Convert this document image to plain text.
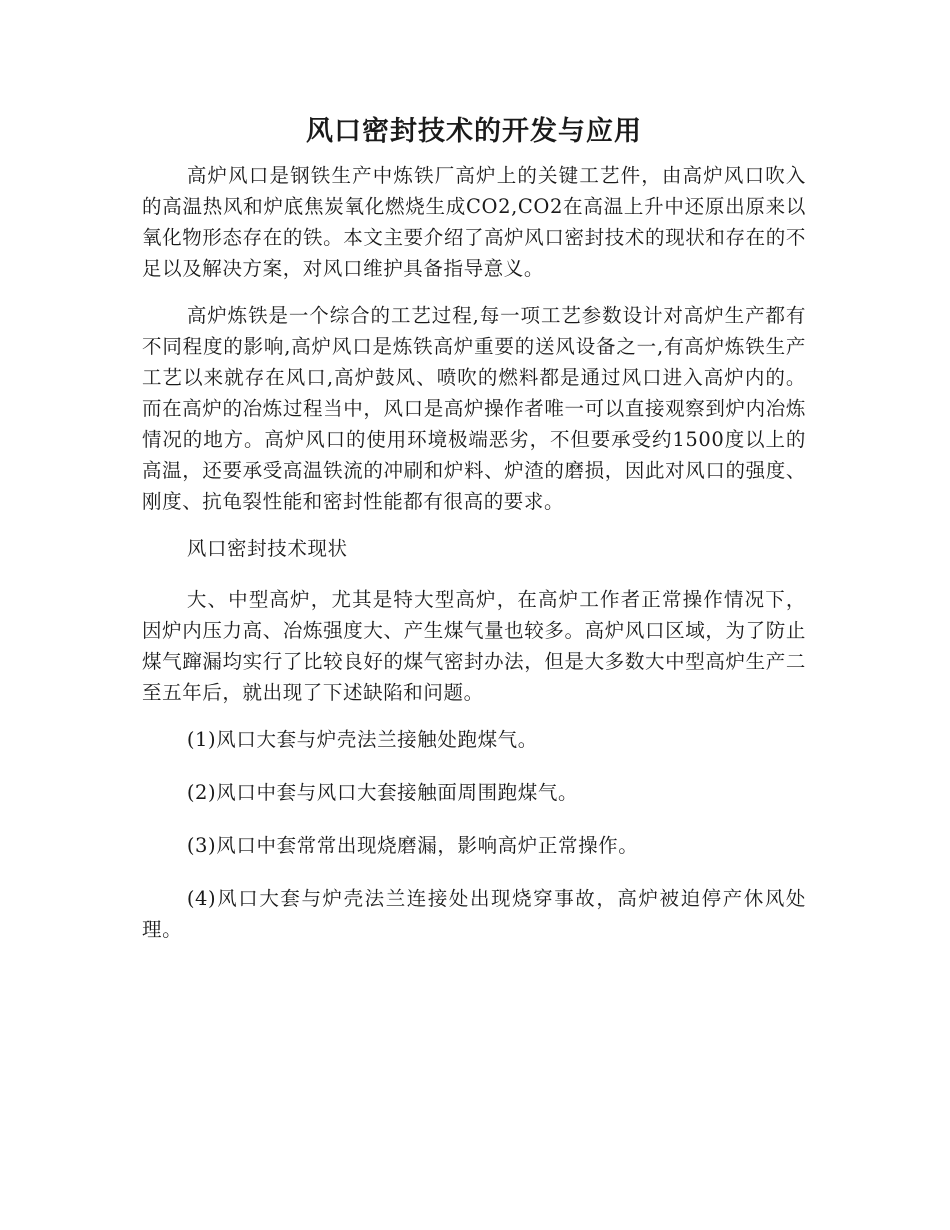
风口密封技术的开发与应用

高炉风口是钢铁生产中炼铁厂高炉上的关键工艺件，由高炉风口吹入的高温热风和炉底焦炭氧化燃烧生成CO2,CO2在高温上升中还原出原来以氧化物形态存在的铁。本文主要介绍了高炉风口密封技术的现状和存在的不足以及解决方案，对风口维护具备指导意义。

高炉炼铁是一个综合的工艺过程,每一项工艺参数设计对高炉生产都有不同程度的影响,高炉风口是炼铁高炉重要的送风设备之一,有高炉炼铁生产工艺以来就存在风口,高炉鼓风、喷吹的燃料都是通过风口进入高炉内的。而在高炉的冶炼过程当中，风口是高炉操作者唯一可以直接观察到炉内冶炼情况的地方。高炉风口的使用环境极端恶劣，不但要承受约1500度以上的高温，还要承受高温铁流的冲刷和炉料、炉渣的磨损，因此对风口的强度、刚度、抗龟裂性能和密封性能都有很高的要求。

风口密封技术现状

大、中型高炉，尤其是特大型高炉，在高炉工作者正常操作情况下，因炉内压力高、冶炼强度大、产生煤气量也较多。高炉风口区域，为了防止煤气蹿漏均实行了比较良好的煤气密封办法，但是大多数大中型高炉生产二至五年后，就出现了下述缺陷和问题。

(1)风口大套与炉壳法兰接触处跑煤气。

(2)风口中套与风口大套接触面周围跑煤气。

(3)风口中套常常出现烧磨漏，影响高炉正常操作。

(4)风口大套与炉壳法兰连接处出现烧穿事故，高炉被迫停产休风处理。
